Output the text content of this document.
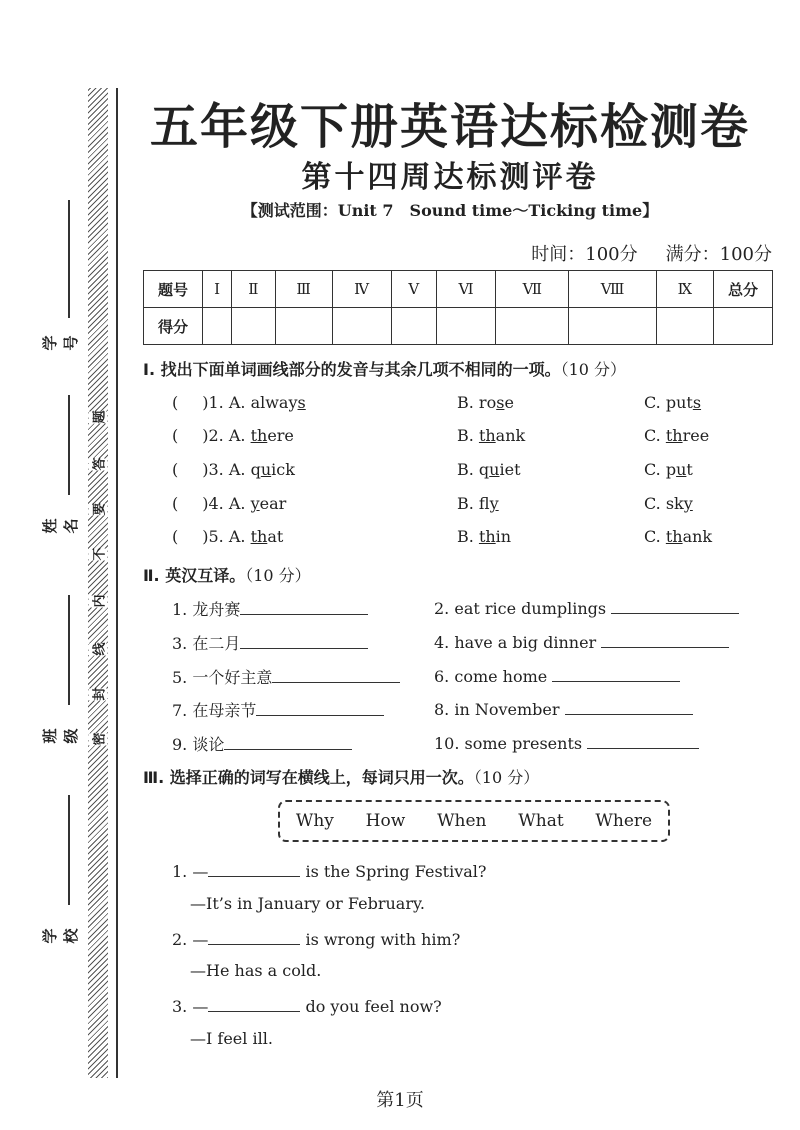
学号
姓名
班级
学校
题
答
要
不
内
线
封
密
五年级下册英语达标检测卷
第十四周达标测评卷
【测试范围：Unit 7　Sound time～Ticking time】
时间：100分 满分：100分
题号	Ⅰ	Ⅱ	Ⅲ	Ⅳ	Ⅴ	Ⅵ	Ⅶ	Ⅷ	Ⅸ	总分
得分										
Ⅰ. 找出下面单词画线部分的发音与其余几项不相同的一项。（10 分）
( )1. A. always	B. rose	C. puts
( )2. A. there	B. thank	C. three
( )3. A. quick	B. quiet	C. put
( )4. A. year	B. fly	C. sky
( )5. A. that	B. thin	C. thank
Ⅱ. 英汉互译。（10 分）
1. 龙舟赛	2. eat rice dumplings
3. 在二月	4. have a big dinner
5. 一个好主意	6. come home
7. 在母亲节	8. in November
9. 谈论	10. some presents
Ⅲ. 选择正确的词写在横线上，每词只用一次。（10 分）
Why How When What Where
1. —	is the Spring Festival?
—It’s in January or February.
2. —	is wrong with him?
—He has a cold.
3. —	do you feel now?
—I feel ill.
第1页
